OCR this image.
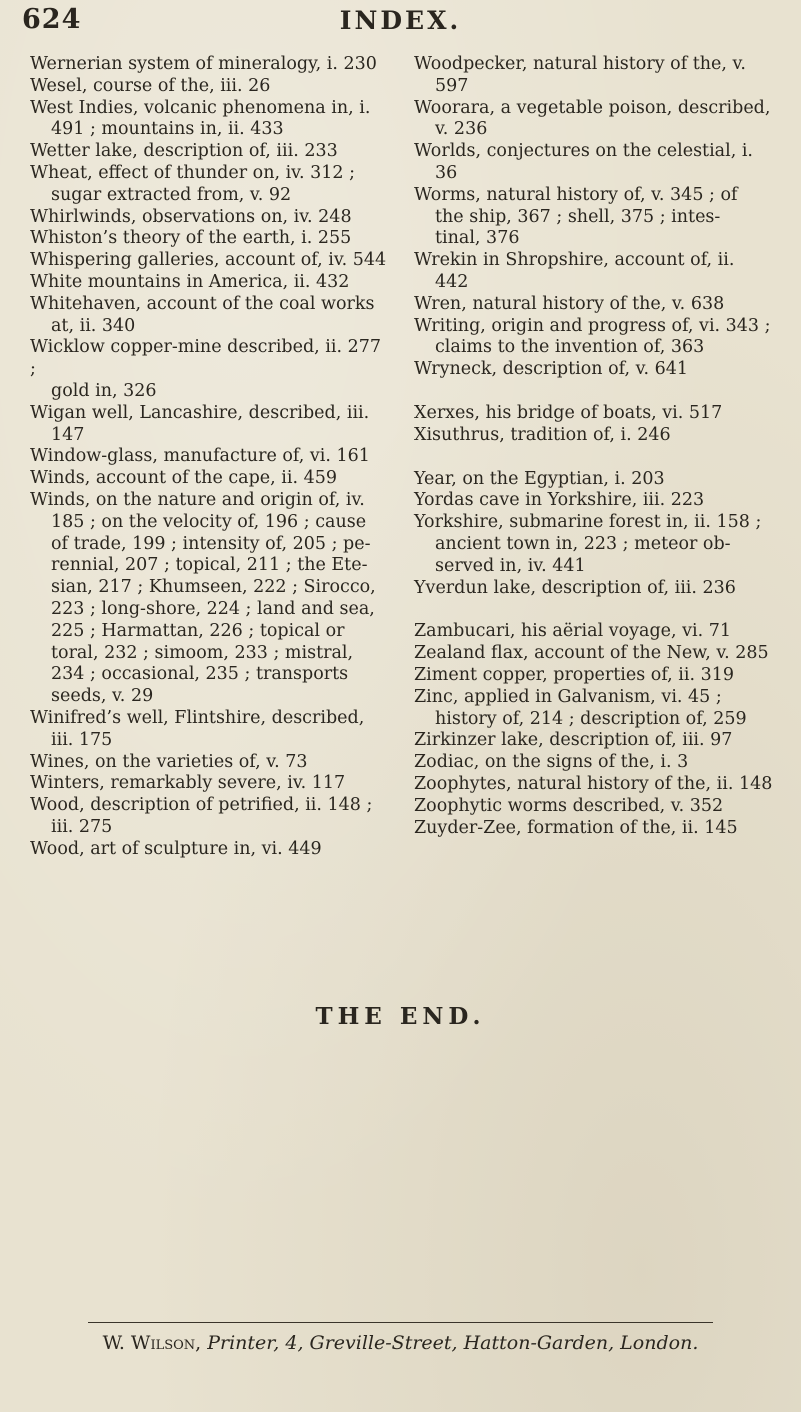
624	INDEX.
Wernerian system of mineralogy, i. 230
Wesel, course of the, iii. 26
West Indies, volcanic phenomena in, i.
491 ; mountains in, ii. 433
Wetter lake, description of, iii. 233
Wheat, effect of thunder on, iv. 312 ;
sugar extracted from, v. 92
Whirlwinds, observations on, iv. 248
Whiston’s theory of the earth, i. 255
Whispering galleries, account of, iv. 544
White mountains in America, ii. 432
Whitehaven, account of the coal works
at, ii. 340
Wicklow copper-mine described, ii. 277 ;
gold in, 326
Wigan well, Lancashire, described, iii.
147
Window-glass, manufacture of, vi. 161
Winds, account of the cape, ii. 459
Winds, on the nature and origin of, iv.
185 ; on the velocity of, 196 ; cause
of trade, 199 ; intensity of, 205 ; pe-
rennial, 207 ; topical, 211 ; the Ete-
sian, 217 ; Khumseen, 222 ; Sirocco,
223 ; long-shore, 224 ; land and sea,
225 ; Harmattan, 226 ; topical or
toral, 232 ; simoom, 233 ; mistral,
234 ; occasional, 235 ; transports
seeds, v. 29
Winifred’s well, Flintshire, described,
iii. 175
Wines, on the varieties of, v. 73
Winters, remarkably severe, iv. 117
Wood, description of petrified, ii. 148 ;
iii. 275
Wood, art of sculpture in, vi. 449
Woodpecker, natural history of the, v.
597
Woorara, a vegetable poison, described,
v. 236
Worlds, conjectures on the celestial, i.
36
Worms, natural history of, v. 345 ; of
the ship, 367 ; shell, 375 ; intes-
tinal, 376
Wrekin in Shropshire, account of, ii.
442
Wren, natural history of the, v. 638
Writing, origin and progress of, vi. 343 ;
claims to the invention of, 363
Wryneck, description of, v. 641
Xerxes, his bridge of boats, vi. 517
Xisuthrus, tradition of, i. 246
Year, on the Egyptian, i. 203
Yordas cave in Yorkshire, iii. 223
Yorkshire, submarine forest in, ii. 158 ;
ancient town in, 223 ; meteor ob-
served in, iv. 441
Yverdun lake, description of, iii. 236
Zambucari, his aërial voyage, vi. 71
Zealand flax, account of the New, v. 285
Ziment copper, properties of, ii. 319
Zinc, applied in Galvanism, vi. 45 ;
history of, 214 ; description of, 259
Zirkinzer lake, description of, iii. 97
Zodiac, on the signs of the, i. 3
Zoophytes, natural history of the, ii. 148
Zoophytic worms described, v. 352
Zuyder-Zee, formation of the, ii. 145
THE END.
W. Wilson, Printer, 4, Greville-Street, Hatton-Garden, London.
